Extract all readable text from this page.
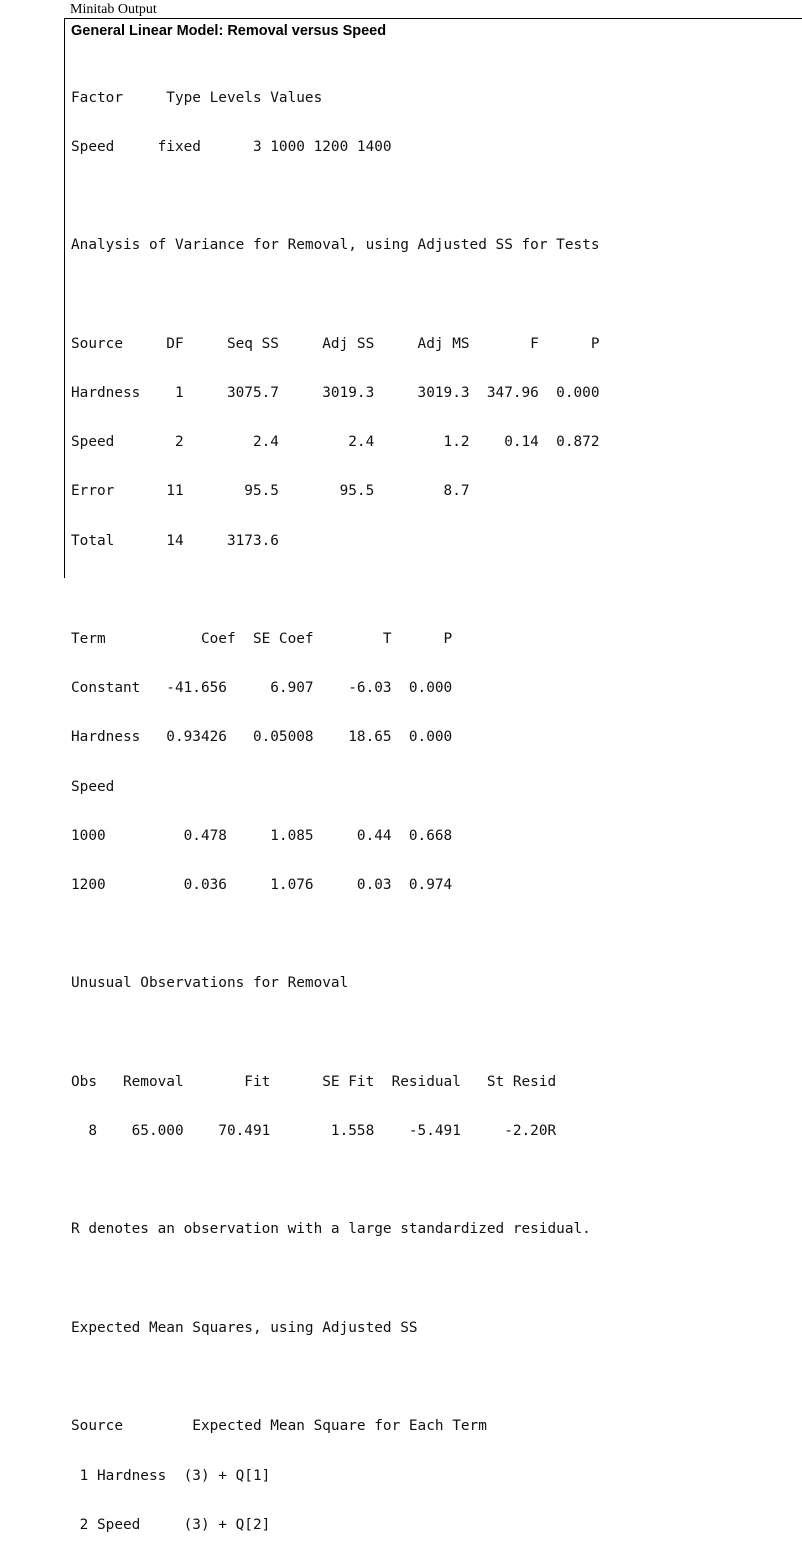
Minitab Output
General Linear Model: Removal versus Speed

Factor     Type Levels Values

Speed     fixed      3 1000 1200 1400

Analysis of Variance for Removal, using Adjusted SS for Tests

Source     DF     Seq SS     Adj SS     Adj MS       F      P

Hardness    1     3075.7     3019.3     3019.3  347.96  0.000

Speed       2        2.4        2.4        1.2    0.14  0.872

Error      11       95.5       95.5        8.7

Total      14     3173.6

Term           Coef  SE Coef        T      P

Constant   -41.656     6.907    -6.03  0.000

Hardness   0.93426   0.05008    18.65  0.000

Speed

1000         0.478     1.085     0.44  0.668

1200         0.036     1.076     0.03  0.974

Unusual Observations for Removal

Obs   Removal       Fit      SE Fit  Residual   St Resid

8    65.000    70.491       1.558    -5.491     -2.20R

R denotes an observation with a large standardized residual.

Expected Mean Squares, using Adjusted SS

Source        Expected Mean Square for Each Term

1 Hardness  (3) + Q[1]

2 Speed     (3) + Q[2]
